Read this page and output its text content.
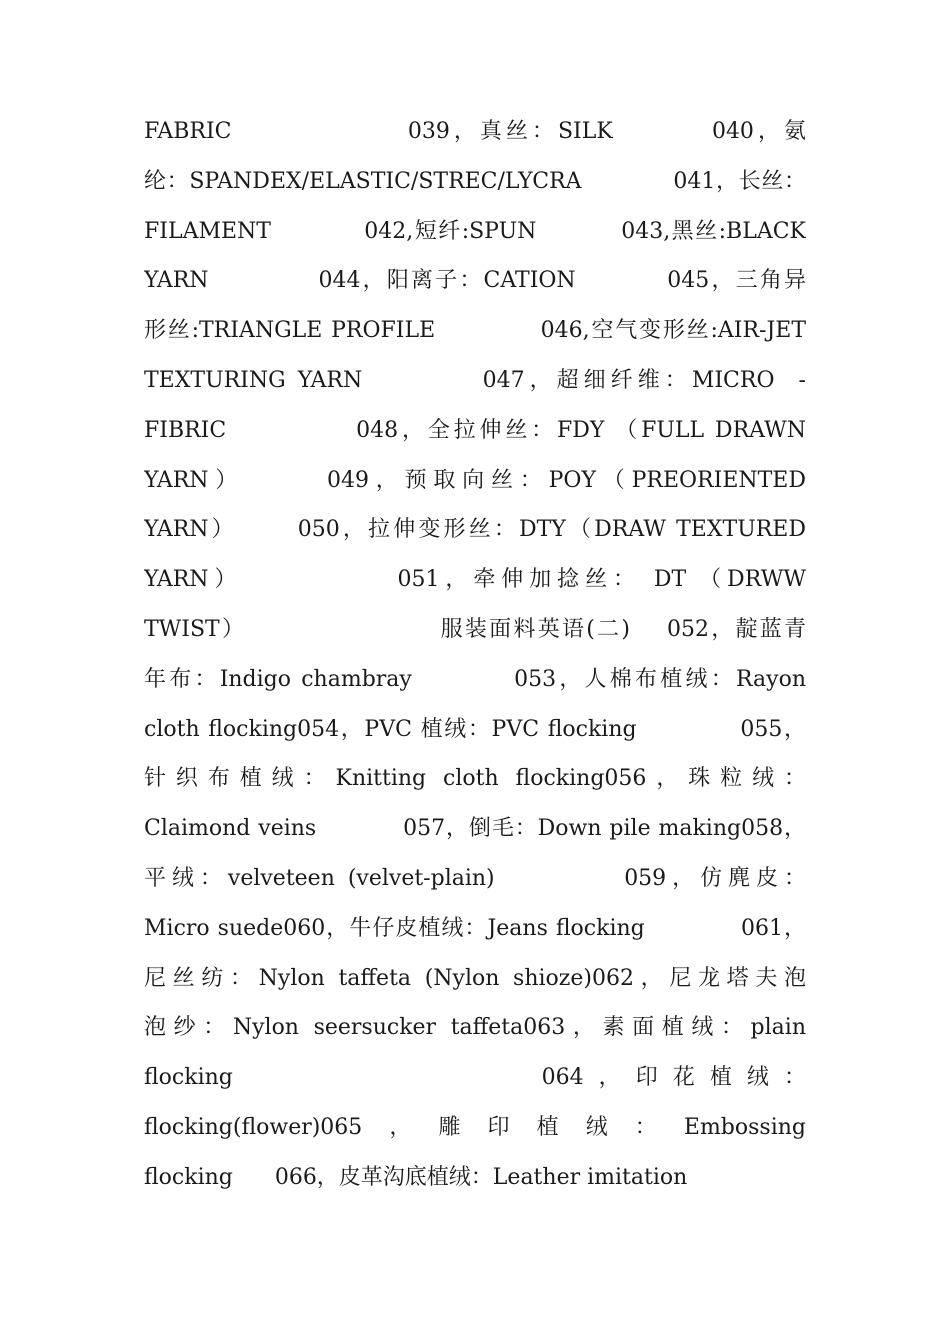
FABRIC                039，真丝：SILK         040，氨
纶：SPANDEX/ELASTIC/STREC/LYCRA            041，长丝：
FILAMENT           042,短纤:SPUN          043,黑丝:BLACK
YARN            044，阳离子：CATION          045，三角异
形丝:TRIANGLE PROFILE            046,空气变形丝:AIR-JET
TEXTURING YARN          047，超细纤维：MICRO  -
FIBRIC            048，全拉伸丝：FDY （FULL DRAWN
YARN）      049，预取向丝：POY（PREORIENTED
YARN）      050，拉伸变形丝：DTY（DRAW TEXTURED
YARN）            051，牵伸加捻丝： DT （DRWW
TWIST）                     服装面料英语(二)    052，靛蓝青
年布：Indigo chambray          053，人棉布植绒：Rayon
cloth flocking054，PVC 植绒：PVC flocking            055，
针织布植绒：Knitting cloth flocking056，珠粒绒：
Claimond veins           057，倒毛：Down pile making058，
平绒：velveteen (velvet-plain)          059，仿麂皮：
Micro suede060，牛仔皮植绒：Jeans flocking            061，
尼丝纺：Nylon taffeta (Nylon shioze)062，尼龙塔夫泡
泡纱：Nylon seersucker taffeta063，素面植绒：plain
flocking              064，印花植绒：
flocking(flower)065，雕印植绒：Embossing
flocking      066，皮革沟底植绒：Leather imitation
